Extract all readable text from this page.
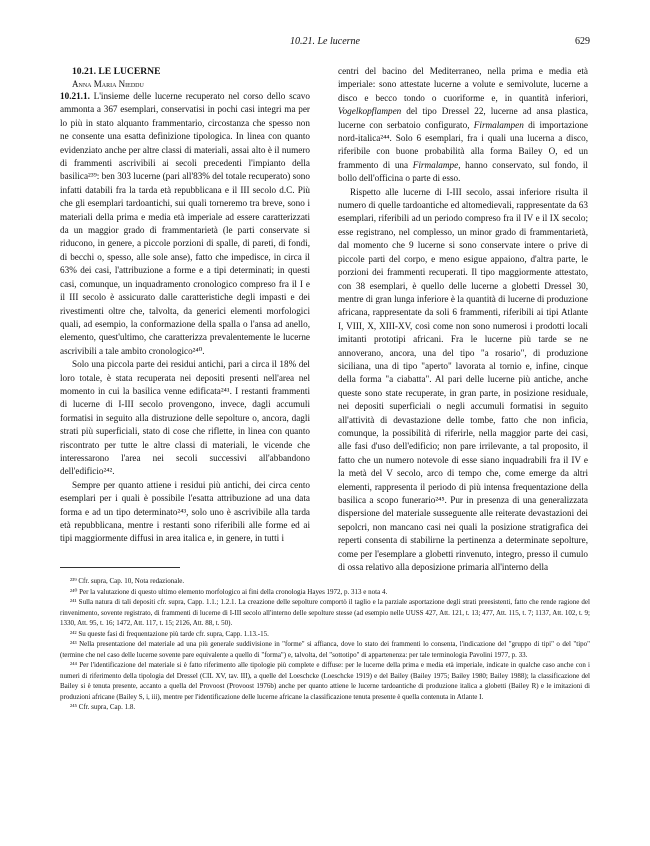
10.21. Le lucerne	629

10.21. LE LUCERNE

Anna Maria Nieddu

10.21.1. L'insieme delle lucerne recuperato nel corso dello scavo ammonta a 367 esemplari, conservatisi in pochi casi integri ma per lo più in stato alquanto frammentario, circostanza che spesso non ne consente una esatta definizione tipologica. In linea con quanto evidenziato anche per altre classi di materiali, assai alto è il numero di frammenti ascrivibili ai secoli precedenti l'impianto della basilica²³⁹: ben 303 lucerne (pari all'83% del totale recuperato) sono infatti databili fra la tarda età repubblicana e il III secolo d.C. Più che gli esemplari tardoantichi, sui quali torneremo tra breve, sono i materiali della prima e media età imperiale ad essere caratterizzati da un maggior grado di frammentarietà (le parti conservate si riducono, in genere, a piccole porzioni di spalle, di pareti, di fondi, di becchi o, spesso, alle sole anse), fatto che impedisce, in circa il 63% dei casi, l'attribuzione a forme e a tipi determinati; in questi casi, comunque, un inquadramento cronologico compreso fra il I e il III secolo è assicurato dalle caratteristiche degli impasti e dei rivestimenti oltre che, talvolta, da generici elementi morfologici quali, ad esempio, la conformazione della spalla o l'ansa ad anello, elemento, quest'ultimo, che caratterizza prevalentemente le lucerne ascrivibili a tale ambito cronologico²⁴⁰.

Solo una piccola parte dei residui antichi, pari a circa il 18% del loro totale, è stata recuperata nei depositi presenti nell'area nel momento in cui la basilica venne edificata²⁴¹. I restanti frammenti di lucerne di I-III secolo provengono, invece, dagli accumuli formatisi in seguito alla distruzione delle sepolture o, ancora, dagli strati più superficiali, stato di cose che riflette, in linea con quanto riscontrato per tutte le altre classi di materiali, le vicende che interessarono l'area nei secoli successivi all'abbandono dell'edificio²⁴².

Sempre per quanto attiene i residui più antichi, dei circa cento esemplari per i quali è possibile l'esatta attribuzione ad una data forma e ad un tipo determinato²⁴³, solo uno è ascrivibile alla tarda età repubblicana, mentre i restanti sono riferibili alle forme ed ai tipi maggiormente diffusi in area italica e, in genere, in tutti i

centri del bacino del Mediterraneo, nella prima e media età imperiale: sono attestate lucerne a volute e semivolute, lucerne a disco e becco tondo o cuoriforme e, in quantità inferiori, Vogelkopflampen del tipo Dressel 22, lucerne ad ansa plastica, lucerne con serbatoio configurato, Firmalampen di importazione nord-italica²⁴⁴. Solo 6 esemplari, fra i quali una lucerna a disco, riferibile con buone probabilità alla forma Bailey O, ed un frammento di una Firmalampe, hanno conservato, sul fondo, il bollo dell'officina o parte di esso.

Rispetto alle lucerne di I-III secolo, assai inferiore risulta il numero di quelle tardoantiche ed altomedievali, rappresentate da 63 esemplari, riferibili ad un periodo compreso fra il IV e il IX secolo; esse registrano, nel complesso, un minor grado di frammentarietà, dal momento che 9 lucerne si sono conservate intere o prive di piccole parti del corpo, e meno esigue appaiono, d'altra parte, le porzioni dei frammenti recuperati. Il tipo maggiormente attestato, con 38 esemplari, è quello delle lucerne a globetti Dressel 30, mentre di gran lunga inferiore è la quantità di lucerne di produzione africana, rappresentate da soli 6 frammenti, riferibili ai tipi Atlante I, VIII, X, XIII-XV, così come non sono numerosi i prodotti locali imitanti prototipi africani. Fra le lucerne più tarde se ne annoverano, ancora, una del tipo "a rosario", di produzione siciliana, una di tipo "aperto" lavorata al tornio e, infine, cinque della forma "a ciabatta". Al pari delle lucerne più antiche, anche queste sono state recuperate, in gran parte, in posizione residuale, nei depositi superficiali o negli accumuli formatisi in seguito all'attività di devastazione delle tombe, fatto che non inficia, comunque, la possibilità di riferirle, nella maggior parte dei casi, alle fasi d'uso dell'edificio; non pare irrilevante, a tal proposito, il fatto che un numero notevole di esse siano inquadrabili fra il IV e la metà del V secolo, arco di tempo che, come emerge da altri elementi, rappresenta il periodo di più intensa frequentazione della basilica a scopo funerario²⁴⁵. Pur in presenza di una generalizzata dispersione del materiale susseguente alle reiterate devastazioni dei sepolcri, non mancano casi nei quali la posizione stratigrafica dei reperti consenta di stabilirne la pertinenza a determinate sepolture, come per l'esemplare a globetti rinvenuto, integro, presso il cumulo di ossa relativo alla deposizione primaria all'interno della

²³⁹ Cfr. supra, Cap. 10, Nota redazionale.

²⁴⁰ Per la valutazione di questo ultimo elemento morfologico ai fini della cronologia Hayes 1972, p. 313 e nota 4.

²⁴¹ Sulla natura di tali depositi cfr. supra, Capp. 1.1.; 1.2.1. La creazione delle sepolture comportò il taglio e la parziale asportazione degli strati preesistenti, fatto che rende ragione del rinvenimento, sovente registrato, di frammenti di lucerne di I-III secolo all'interno delle sepolture stesse (ad esempio nelle UUSS 427, Att. 121, t. 13; 477, Att. 115, t. 7; 1137, Att. 102, t. 9; 1330, Att. 95, t. 16; 1472, Att. 117, t. 15; 2126, Att. 88, t. 50).

²⁴² Su queste fasi di frequentazione più tarde cfr. supra, Capp. 1.13.-15.

²⁴³ Nella presentazione del materiale ad una più generale suddivisione in "forme" si affianca, dove lo stato dei frammenti lo consenta, l'indicazione del "gruppo di tipi" o del "tipo" (termine che nel caso delle lucerne sovente pare equivalente a quello di "forma") e, talvolta, del "sottotipo" di appartenenza: per tale terminologia Pavolini 1977, p. 33.

²⁴⁴ Per l'identificazione del materiale si è fatto riferimento alle tipologie più complete e diffuse: per le lucerne della prima e media età imperiale, indicate in qualche caso anche con i numeri di riferimento della tipologia del Dressel (CIL XV, tav. III), a quelle del Loeschcke (Loeschcke 1919) e del Bailey (Bailey 1975; Bailey 1980; Bailey 1988); la classificazione del Bailey si è tenuta presente, accanto a quella del Provoost (Provoost 1976b) anche per quanto attiene le lucerne tardoantiche di produzione italica a globetti (Bailey R) e le imitazioni di produzioni africane (Bailey S, i, iii), mentre per l'identificazione delle lucerne africane la classificazione tenuta presente è quella contenuta in Atlante I.

²⁴⁵ Cfr. supra, Cap. 1.8.
